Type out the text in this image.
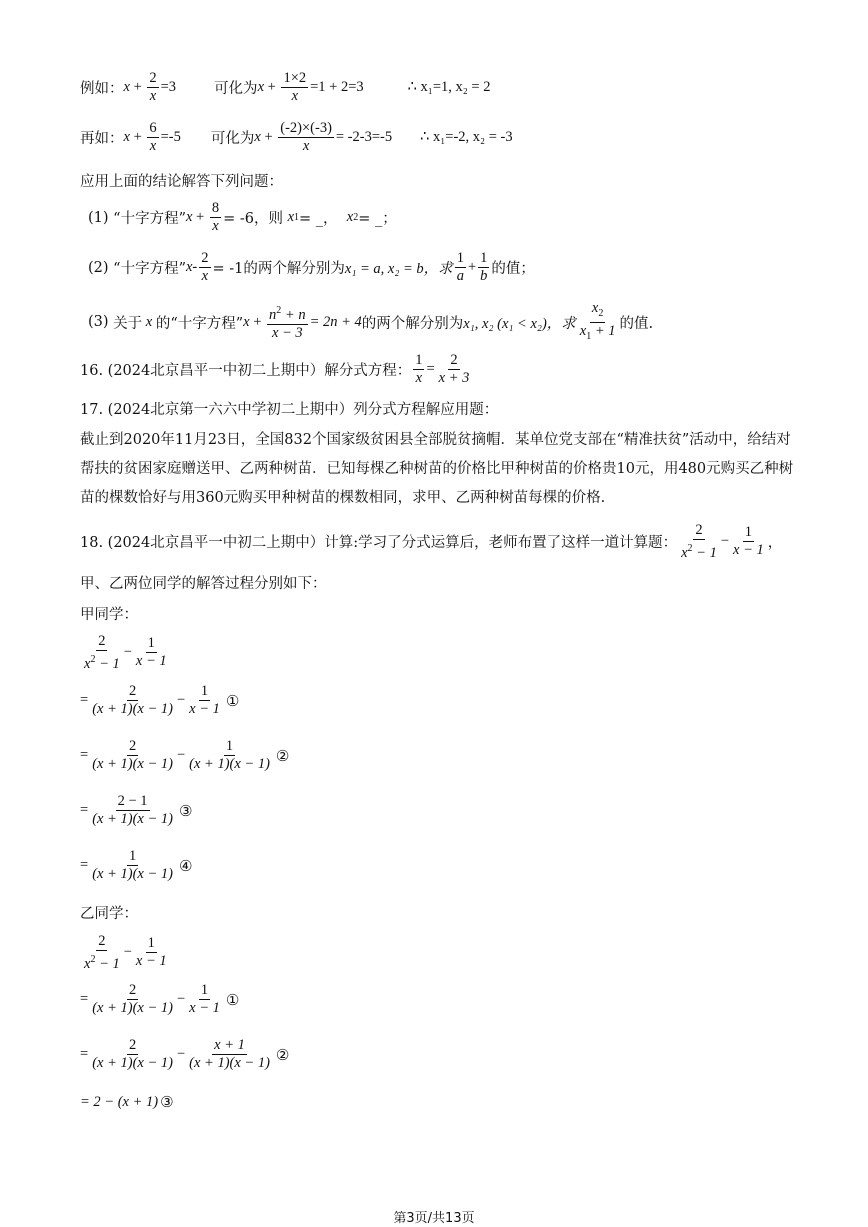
例如： $x + \frac{2}{x} =3$	可化为 $x + \frac{1\times 2}{x} =1 + 2=3$	∴ x₁=1, x₂ = 2
再如： $x + \frac{6}{x} =-5$ 可化为 $x + \frac{(-2)\times(-3)}{x} = -2-3=-5$ ∴ x₁=-2, x₂ = -3
应用上面的结论解答下列问题：
(1)
“十字方程” $x + \frac{8}{x} = -6$，则
x 1 = _，
x 2 = _；
(2)
“十字方程” $x - \frac{2}{x} = -1$的两个解分别为 x₁ = a, x₂ = b，求
1
a
+ $\frac{1}{b}$ 的值；
(3)
关于 x 的“十字方程” $x + \frac{n^2 + n}{x - 3} = 2n + 4$ 的两个解分别为 x₁, x₂ (x₁ < x₂)，求
$x_2$
$x_1 + 1$ 的值.
16. (2024北京昌平一中初二上期中）解分式方程： $\frac{1}{x} = \frac{2}{x + 3}$
17. (2024北京第一六六中学初二上期中）列分式方程解应用题：
截止到2020年11月23日，全国832个国家级贫困县全部脱贫摘帽．某单位党支部在“精准扶贫”活动中，给结对帮扶的贫困家庭赠送甲、乙两种树苗．已知每棵乙种树苗的价格比甲种树苗的价格贵10元，用480元购买乙种树苗的棵数恰好与用360元购买甲种树苗的棵数相同，求甲、乙两种树苗每棵的价格.
18. (2024北京昌平一中初二上期中）计算:学习了分式运算后，老师布置了这样一道计算题：
2
$x^2 - 1$
− $\frac{1}{x - 1}$ ，
甲、乙两位同学的解答过程分别如下：
甲同学：
2
$x^2 - 1$
− $\frac{1}{x - 1}$
= $\frac{2}{(x + 1)(x - 1)} - \frac{1}{x - 1}$ ①
= $\frac{2}{(x + 1)(x - 1)} - \frac{1}{(x + 1)(x - 1)}$ ②
= $\frac{2 - 1}{(x + 1)(x - 1)}$ ③
= $\frac{1}{(x + 1)(x - 1)}$ ④
乙同学：
2
$x^2 - 1$
− $\frac{1}{x - 1}$
= $\frac{2}{(x + 1)(x - 1)} - \frac{1}{x - 1}$ ①
= $\frac{2}{(x + 1)(x - 1)} - \frac{x + 1}{(x + 1)(x - 1)}$ ②
= 2 − (x + 1) ③
第3页/共13页
